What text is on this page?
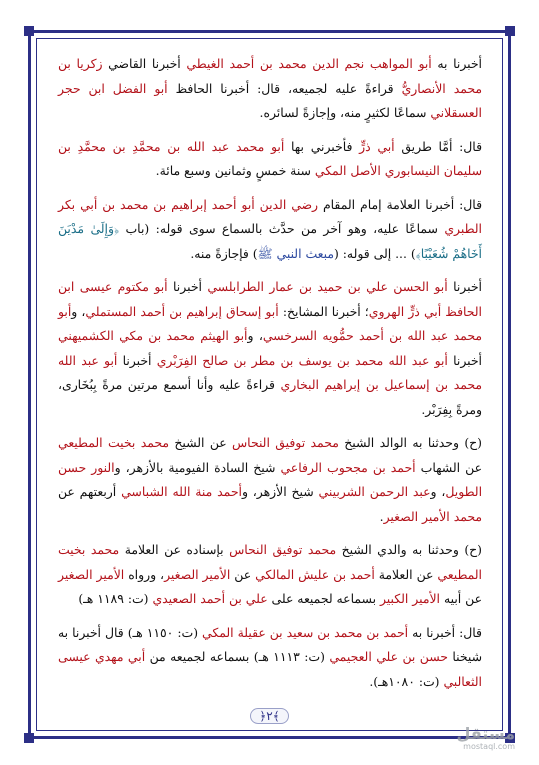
أخبرنا به أبو المواهب نجم الدين محمد بن أحمد الغيطي أخبرنا القاضي زكريا بن محمد الأنصاريُّ قراءةً عليه لجميعه، قال: أخبرنا الحافظ أبو الفضل ابن حجر العسقلاني سماعًا لكثيرٍ منه، وإجازةً لسائره.

قال: أمَّا طريق أبي ذرٍّ فأخبرني بها أبو محمد عبد الله بن محمَّدِ بن محمَّدِ بن سليمان النيسابوري الأصل المكي سنة خمسٍ وثمانين وسبع مائة.

قال: أخبرنا العلامة إمام المقام رضي الدين أبو أحمد إبراهيم بن محمد بن أبي بكر الطبري سماعًا عليه، وهو آخر من حدَّث بالسماع سوى قوله: (باب ﴿وَإِلَىٰ مَدْيَنَ أَخَاهُمْ شُعَيْبًا﴾) ... إلى قوله: (مبعث النبي ﷺ) فإجازةً منه.

أخبرنا أبو الحسن علي بن حميد بن عمار الطرابلسي أخبرنا أبو مكتوم عيسى ابن الحافظ أبي ذرٍّ الهروي؛ أخبرنا المشايخ: أبو إسحاق إبراهيم بن أحمد المستملي، وأبو محمد عبد الله بن أحمد حمُّويه السرخسي، وأبو الهيثم محمد بن مكي الكشميهني أخبرنا أبو عبد الله محمد بن يوسف بن مطر بن صالح الفِرَبْري أخبرنا أبو عبد الله محمد بن إسماعيل بن إبراهيم البخاري قراءةً عليه وأنا أسمع مرتين مرةً بِبُخَارى، ومرةً بِفِرَبْر.

(ح) وحدثنا به الوالد الشيخ محمد توفيق النحاس عن الشيخ محمد بخيت المطيعي عن الشهاب أحمد بن مجحوب الرفاعي شيخ السادة الفيومية بالأزهر، والنور حسن الطويل، وعبد الرحمن الشربيني شيخ الأزهر، وأحمد منة الله الشباسي أربعتهم عن محمد الأمير الصغير.

(ح) وحدثنا به والدي الشيخ محمد توفيق النحاس بإسناده عن العلامة محمد بخيت المطيعي عن العلامة أحمد بن عليش المالكي عن الأمير الصغير، ورواه الأمير الصغير عن أبيه الأمير الكبير بسماعه لجميعه على علي بن أحمد الصعيدي (ت: ١١٨٩ هـ)

قال: أخبرنا به أحمد بن محمد بن سعيد بن عقيلة المكي (ت: ١١٥٠ هـ) قال أخبرنا به شيخنا حسن بن علي العجيمي (ت: ١١١٣ هـ) بسماعه لجميعه من أبي مهدي عيسى الثعالبي (ت: ١٠٨٠هـ).

﴿٢﴾
مستقل
mostaql.com
